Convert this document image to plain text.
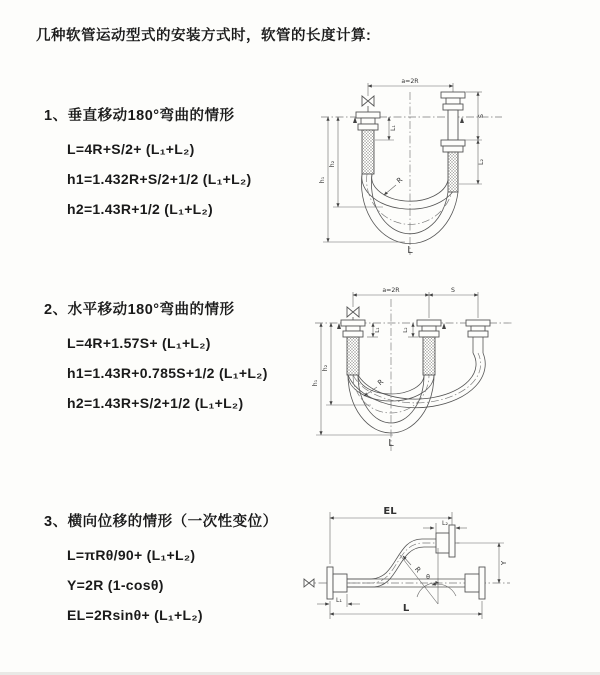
几种软管运动型式的安装方式时，软管的长度计算:
1、垂直移动180°弯曲的情形
L=4R+S/2+ (L₁+L₂)
h1=1.432R+S/2+1/2 (L₁+L₂)
h2=1.43R+1/2 (L₁+L₂)
a=2R
S
L₂
L₁
h₁
h₂
R
L
2、水平移动180°弯曲的情形
L=4R+1.57S+ (L₁+L₂)
h1=1.43R+0.785S+1/2 (L₁+L₂)
h2=1.43R+S/2+1/2 (L₁+L₂)
a=2R	S
L₁	L₂
h₁
h₂
R
L
3、横向位移的情形（一次性变位）
L=πRθ/90+ (L₁+L₂)
Y=2R (1-cosθ)
EL=2Rsinθ+ (L₁+L₂)
EL
L₂
Y
L
L₁
θ
R
